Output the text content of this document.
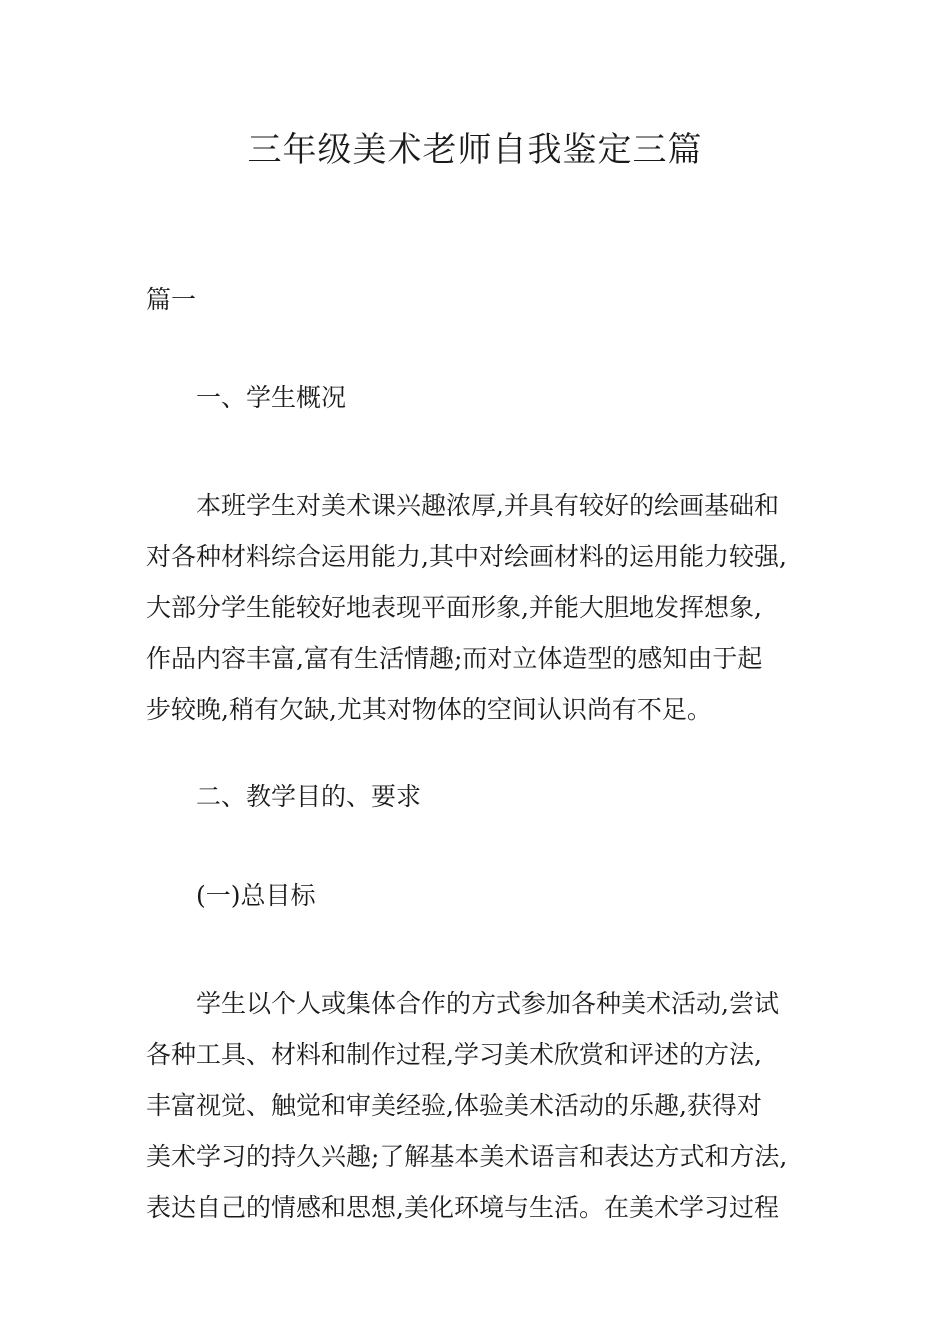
三年级美术老师自我鉴定三篇

篇一

一、学生概况

本班学生对美术课兴趣浓厚,并具有较好的绘画基础和
对各种材料综合运用能力,其中对绘画材料的运用能力较强,
大部分学生能较好地表现平面形象,并能大胆地发挥想象,
作品内容丰富,富有生活情趣;而对立体造型的感知由于起
步较晚,稍有欠缺,尤其对物体的空间认识尚有不足。

二、教学目的、要求

(一)总目标

学生以个人或集体合作的方式参加各种美术活动,尝试
各种工具、材料和制作过程,学习美术欣赏和评述的方法,
丰富视觉、触觉和审美经验,体验美术活动的乐趣,获得对
美术学习的持久兴趣;了解基本美术语言和表达方式和方法,
表达自己的情感和思想,美化环境与生活。在美术学习过程
